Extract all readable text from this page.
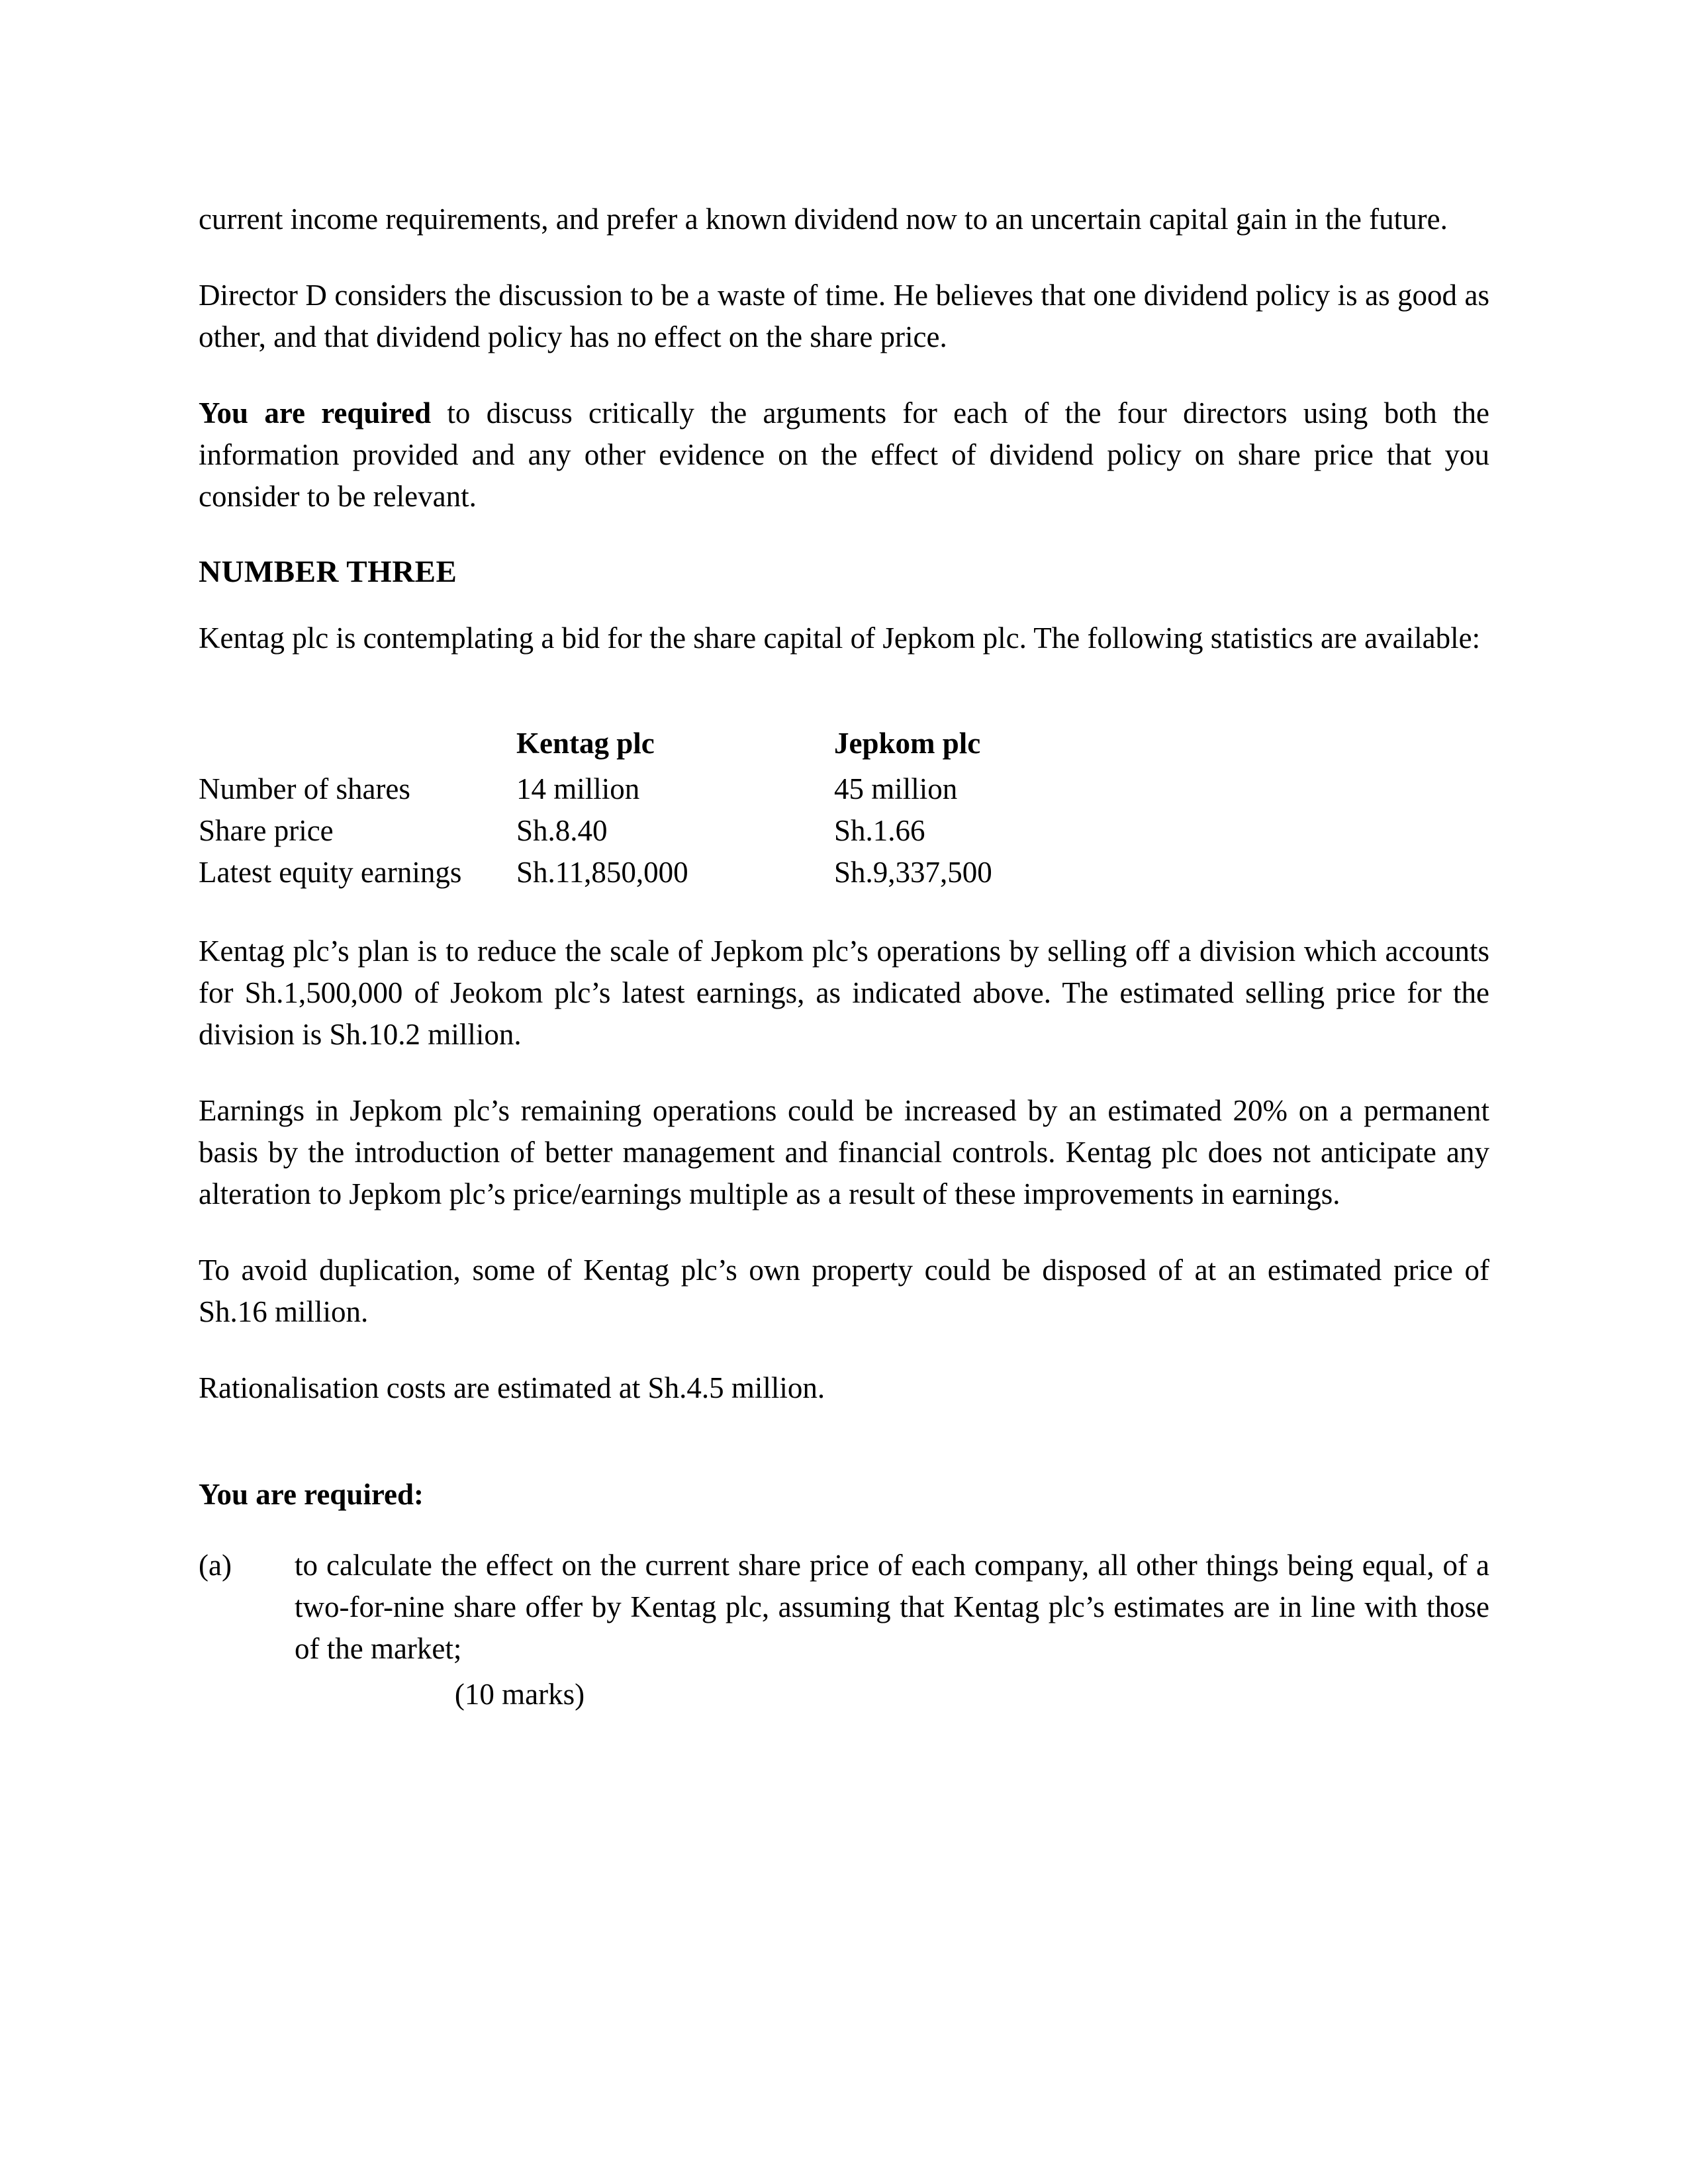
current income requirements, and prefer a known dividend now to an uncertain capital gain in the future.

Director D considers the discussion to be a waste of time. He believes that one dividend policy is as good as other, and that dividend policy has no effect on the share price.

You are required to discuss critically the arguments for each of the four directors using both the information provided and any other evidence on the effect of dividend policy on share price that you consider to be relevant.

NUMBER THREE

Kentag plc is contemplating a bid for the share capital of Jepkom plc. The following statistics are available:

	Kentag plc	Jepkom plc
Number of shares	14 million	45 million
Share price	Sh.8.40	Sh.1.66
Latest equity earnings	Sh.11,850,000	Sh.9,337,500

Kentag plc’s plan is to reduce the scale of Jepkom plc’s operations by selling off a division which accounts for Sh.1,500,000 of Jeokom plc’s latest earnings, as indicated above. The estimated selling price for the division is Sh.10.2 million.

Earnings in Jepkom plc’s remaining operations could be increased by an estimated 20% on a permanent basis by the introduction of better management and financial controls. Kentag plc does not anticipate any alteration to Jepkom plc’s price/earnings multiple as a result of these improvements in earnings.

To avoid duplication, some of Kentag plc’s own property could be disposed of at an estimated price of Sh.16 million.

Rationalisation costs are estimated at Sh.4.5 million.

You are required:

(a)	to calculate the effect on the current share price of each company, all other things being equal, of a two-for-nine share offer by Kentag plc, assuming that Kentag plc’s estimates are in line with those of the market;

(10 marks)
